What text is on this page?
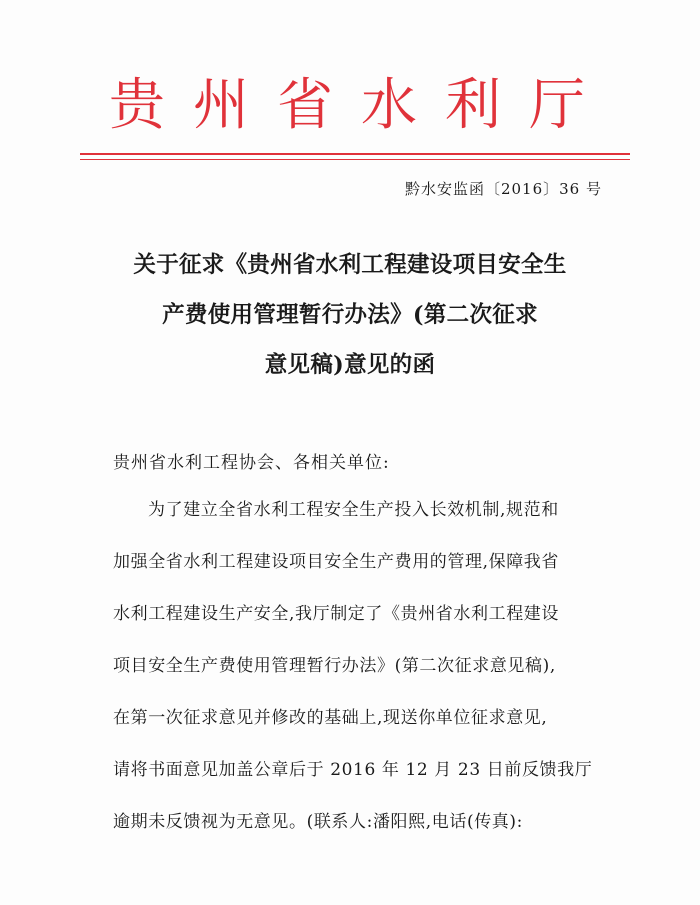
贵州省水利厅
黔水安监函〔2016〕36 号
关于征求《贵州省水利工程建设项目安全生
产费使用管理暂行办法》(第二次征求
意见稿)意见的函
贵州省水利工程协会、各相关单位:
为了建立全省水利工程安全生产投入长效机制,规范和
加强全省水利工程建设项目安全生产费用的管理,保障我省
水利工程建设生产安全,我厅制定了《贵州省水利工程建设
项目安全生产费使用管理暂行办法》(第二次征求意见稿),
在第一次征求意见并修改的基础上,现送你单位征求意见,
请将书面意见加盖公章后于 2016 年 12 月 23 日前反馈我厅
逾期未反馈视为无意见。(联系人:潘阳熙,电话(传真):
